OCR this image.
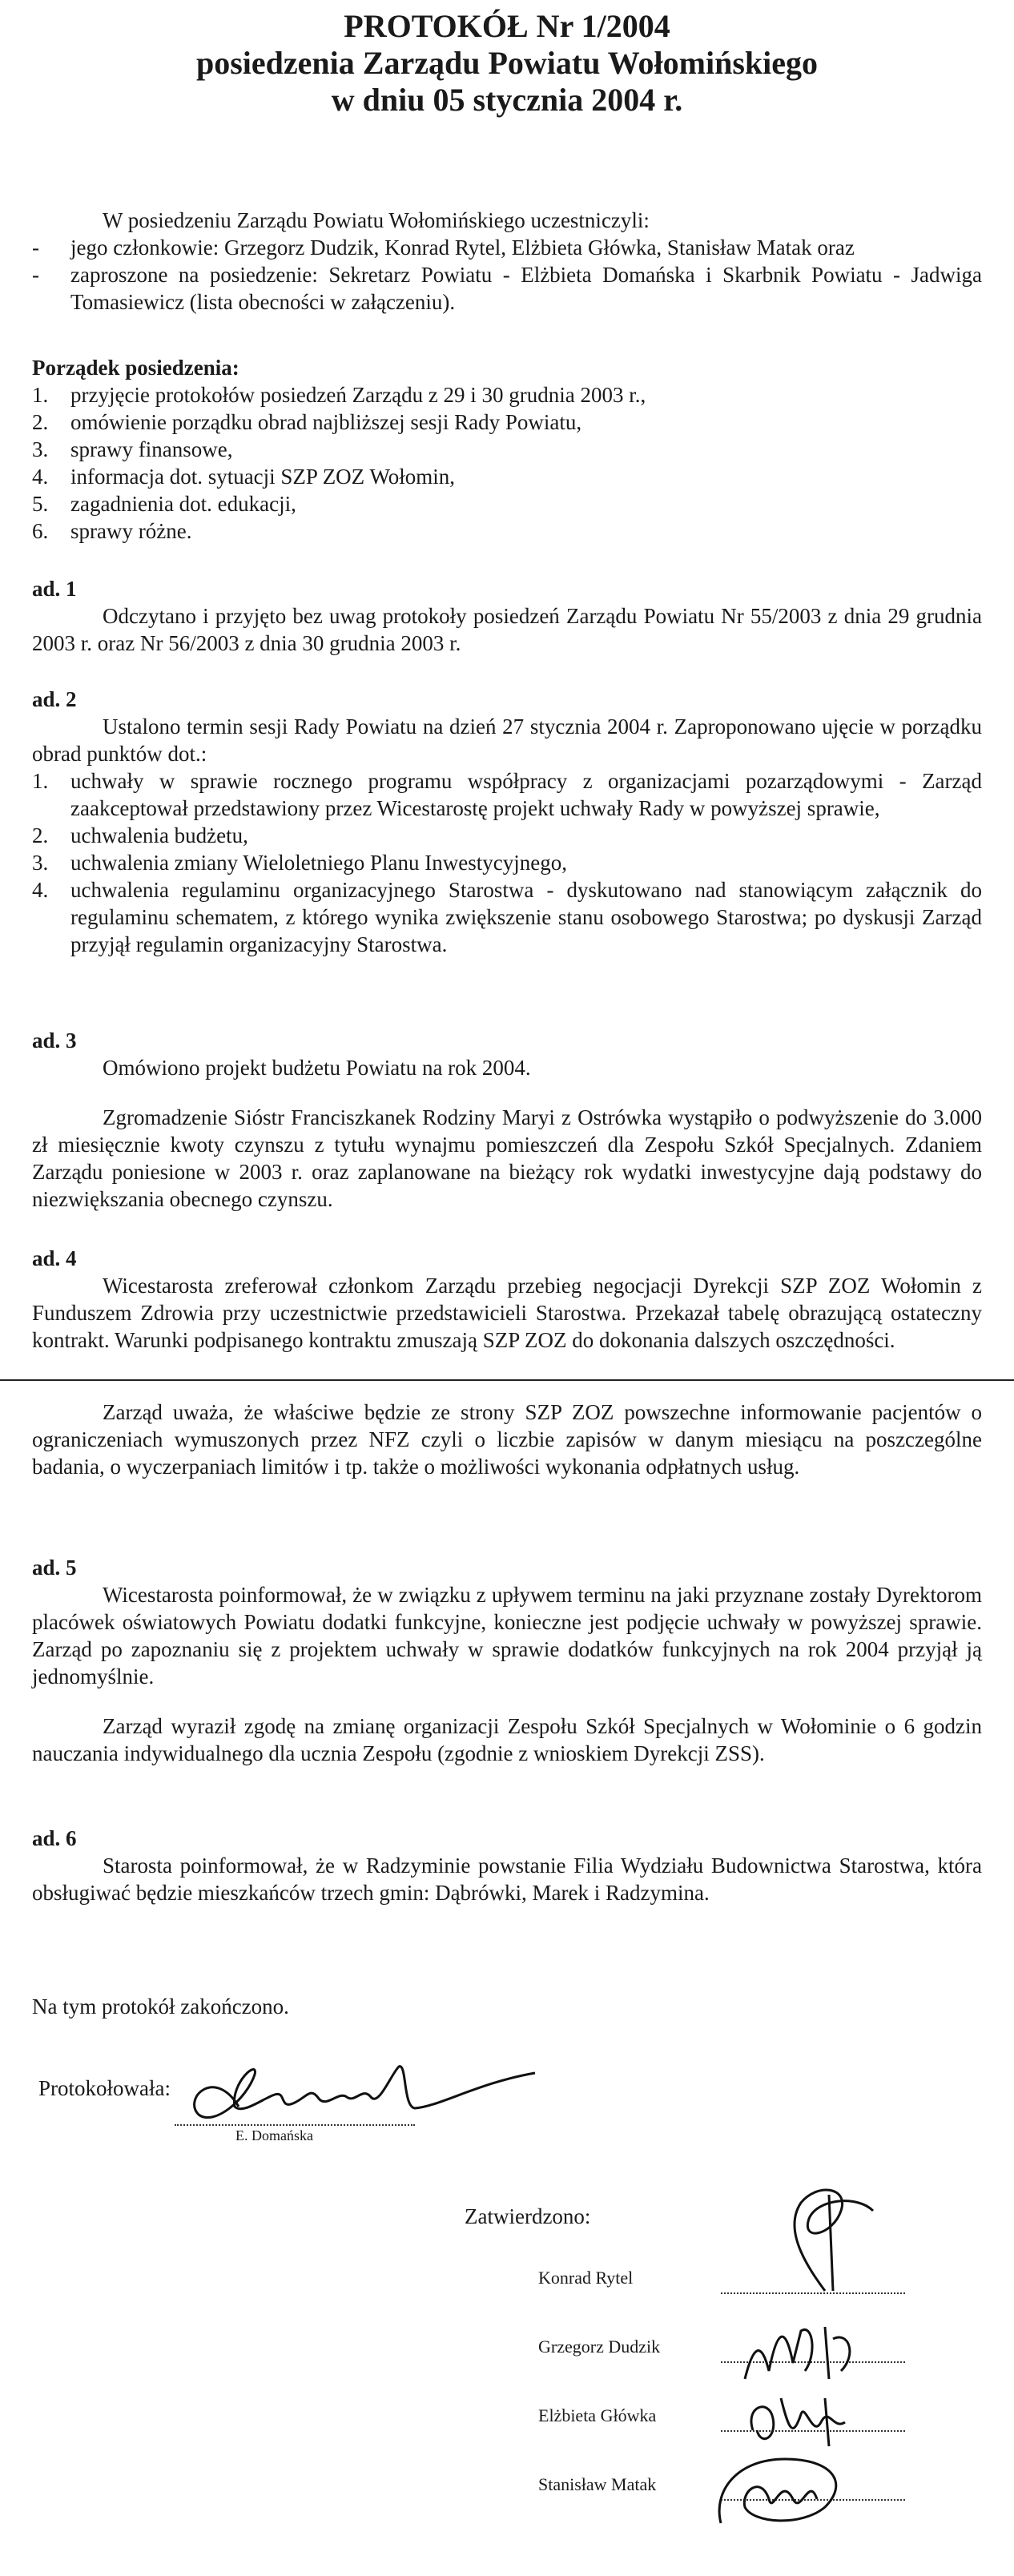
PROTOKÓŁ Nr 1/2004
posiedzenia Zarządu Powiatu Wołomińskiego
w dniu 05 stycznia 2004 r.

W posiedzeniu Zarządu Powiatu Wołomińskiego uczestniczyli:

- jego członkowie: Grzegorz Dudzik, Konrad Rytel, Elżbieta Główka, Stanisław Matak oraz
- zaproszone na posiedzenie: Sekretarz Powiatu - Elżbieta Domańska i Skarbnik Powiatu - Jadwiga Tomasiewicz (lista obecności w załączeniu).

Porządek posiedzenia:

1. przyjęcie protokołów posiedzeń Zarządu z 29 i 30 grudnia 2003 r.,
2. omówienie porządku obrad najbliższej sesji Rady Powiatu,
3. sprawy finansowe,
4. informacja dot. sytuacji SZP ZOZ Wołomin,
5. zagadnienia dot. edukacji,
6. sprawy różne.

ad. 1

Odczytano i przyjęto bez uwag protokoły posiedzeń Zarządu Powiatu Nr 55/2003 z dnia 29 grudnia 2003 r. oraz Nr 56/2003 z dnia 30 grudnia 2003 r.

ad. 2

Ustalono termin sesji Rady Powiatu na dzień 27 stycznia 2004 r. Zaproponowano ujęcie w porządku obrad punktów dot.:

1. uchwały w sprawie rocznego programu współpracy z organizacjami pozarządowymi - Zarząd zaakceptował przedstawiony przez Wicestarostę projekt uchwały Rady w powyższej sprawie,
2. uchwalenia budżetu,
3. uchwalenia zmiany Wieloletniego Planu Inwestycyjnego,
4. uchwalenia regulaminu organizacyjnego Starostwa - dyskutowano nad stanowiącym załącznik do regulaminu schematem, z którego wynika zwiększenie stanu osobowego Starostwa; po dyskusji Zarząd przyjął regulamin organizacyjny Starostwa.

ad. 3

Omówiono projekt budżetu Powiatu na rok 2004.

Zgromadzenie Sióstr Franciszkanek Rodziny Maryi z Ostrówka wystąpiło o podwyższenie do 3.000 zł miesięcznie kwoty czynszu z tytułu wynajmu pomieszczeń dla Zespołu Szkół Specjalnych. Zdaniem Zarządu poniesione w 2003 r. oraz zaplanowane na bieżący rok wydatki inwestycyjne dają podstawy do niezwiększania obecnego czynszu.

ad. 4

Wicestarosta zreferował członkom Zarządu przebieg negocjacji Dyrekcji SZP ZOZ Wołomin z Funduszem Zdrowia przy uczestnictwie przedstawicieli Starostwa. Przekazał tabelę obrazującą ostateczny kontrakt. Warunki podpisanego kontraktu zmuszają SZP ZOZ do dokonania dalszych oszczędności.

Zarząd uważa, że właściwe będzie ze strony SZP ZOZ powszechne informowanie pacjentów o ograniczeniach wymuszonych przez NFZ czyli o liczbie zapisów w danym miesiącu na poszczególne badania, o wyczerpaniach limitów i tp. także o możliwości wykonania odpłatnych usług.

ad. 5

Wicestarosta poinformował, że w związku z upływem terminu na jaki przyznane zostały Dyrektorom placówek oświatowych Powiatu dodatki funkcyjne, konieczne jest podjęcie uchwały w powyższej sprawie. Zarząd po zapoznaniu się z projektem uchwały w sprawie dodatków funkcyjnych na rok 2004 przyjął ją jednomyślnie.

Zarząd wyraził zgodę na zmianę organizacji Zespołu Szkół Specjalnych w Wołominie o 6 godzin nauczania indywidualnego dla ucznia Zespołu (zgodnie z wnioskiem Dyrekcji ZSS).

ad. 6

Starosta poinformował, że w Radzyminie powstanie Filia Wydziału Budownictwa Starostwa, która obsługiwać będzie mieszkańców trzech gmin: Dąbrówki, Marek i Radzymina.

Na tym protokół zakończono.

Protokołowała:

E. Domańska

Zatwierdzono:

Konrad Rytel
Grzegorz Dudzik
Elżbieta Główka
Stanisław Matak
